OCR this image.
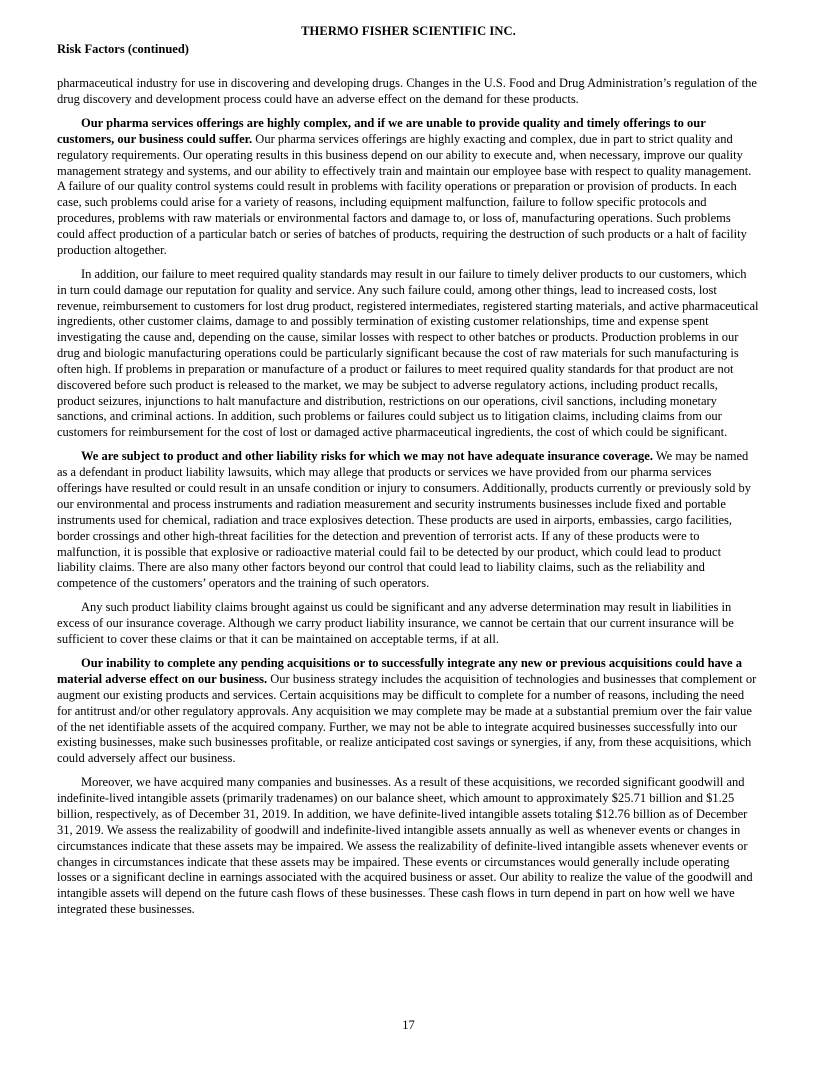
THERMO FISHER SCIENTIFIC INC.
Risk Factors (continued)

pharmaceutical industry for use in discovering and developing drugs. Changes in the U.S. Food and Drug Administration’s regulation of the drug discovery and development process could have an adverse effect on the demand for these products.

Our pharma services offerings are highly complex, and if we are unable to provide quality and timely offerings to our customers, our business could suffer. Our pharma services offerings are highly exacting and complex, due in part to strict quality and regulatory requirements. Our operating results in this business depend on our ability to execute and, when necessary, improve our quality management strategy and systems, and our ability to effectively train and maintain our employee base with respect to quality management. A failure of our quality control systems could result in problems with facility operations or preparation or provision of products. In each case, such problems could arise for a variety of reasons, including equipment malfunction, failure to follow specific protocols and procedures, problems with raw materials or environmental factors and damage to, or loss of, manufacturing operations. Such problems could affect production of a particular batch or series of batches of products, requiring the destruction of such products or a halt of facility production altogether.

In addition, our failure to meet required quality standards may result in our failure to timely deliver products to our customers, which in turn could damage our reputation for quality and service. Any such failure could, among other things, lead to increased costs, lost revenue, reimbursement to customers for lost drug product, registered intermediates, registered starting materials, and active pharmaceutical ingredients, other customer claims, damage to and possibly termination of existing customer relationships, time and expense spent investigating the cause and, depending on the cause, similar losses with respect to other batches or products. Production problems in our drug and biologic manufacturing operations could be particularly significant because the cost of raw materials for such manufacturing is often high. If problems in preparation or manufacture of a product or failures to meet required quality standards for that product are not discovered before such product is released to the market, we may be subject to adverse regulatory actions, including product recalls, product seizures, injunctions to halt manufacture and distribution, restrictions on our operations, civil sanctions, including monetary sanctions, and criminal actions. In addition, such problems or failures could subject us to litigation claims, including claims from our customers for reimbursement for the cost of lost or damaged active pharmaceutical ingredients, the cost of which could be significant.

We are subject to product and other liability risks for which we may not have adequate insurance coverage. We may be named as a defendant in product liability lawsuits, which may allege that products or services we have provided from our pharma services offerings have resulted or could result in an unsafe condition or injury to consumers. Additionally, products currently or previously sold by our environmental and process instruments and radiation measurement and security instruments businesses include fixed and portable instruments used for chemical, radiation and trace explosives detection. These products are used in airports, embassies, cargo facilities, border crossings and other high-threat facilities for the detection and prevention of terrorist acts. If any of these products were to malfunction, it is possible that explosive or radioactive material could fail to be detected by our product, which could lead to product liability claims. There are also many other factors beyond our control that could lead to liability claims, such as the reliability and competence of the customers’ operators and the training of such operators.

Any such product liability claims brought against us could be significant and any adverse determination may result in liabilities in excess of our insurance coverage. Although we carry product liability insurance, we cannot be certain that our current insurance will be sufficient to cover these claims or that it can be maintained on acceptable terms, if at all.

Our inability to complete any pending acquisitions or to successfully integrate any new or previous acquisitions could have a material adverse effect on our business. Our business strategy includes the acquisition of technologies and businesses that complement or augment our existing products and services. Certain acquisitions may be difficult to complete for a number of reasons, including the need for antitrust and/or other regulatory approvals. Any acquisition we may complete may be made at a substantial premium over the fair value of the net identifiable assets of the acquired company. Further, we may not be able to integrate acquired businesses successfully into our existing businesses, make such businesses profitable, or realize anticipated cost savings or synergies, if any, from these acquisitions, which could adversely affect our business.

Moreover, we have acquired many companies and businesses. As a result of these acquisitions, we recorded significant goodwill and indefinite-lived intangible assets (primarily tradenames) on our balance sheet, which amount to approximately $25.71 billion and $1.25 billion, respectively, as of December 31, 2019. In addition, we have definite-lived intangible assets totaling $12.76 billion as of December 31, 2019. We assess the realizability of goodwill and indefinite-lived intangible assets annually as well as whenever events or changes in circumstances indicate that these assets may be impaired. We assess the realizability of definite-lived intangible assets whenever events or changes in circumstances indicate that these assets may be impaired. These events or circumstances would generally include operating losses or a significant decline in earnings associated with the acquired business or asset. Our ability to realize the value of the goodwill and intangible assets will depend on the future cash flows of these businesses. These cash flows in turn depend in part on how well we have integrated these businesses.

17
